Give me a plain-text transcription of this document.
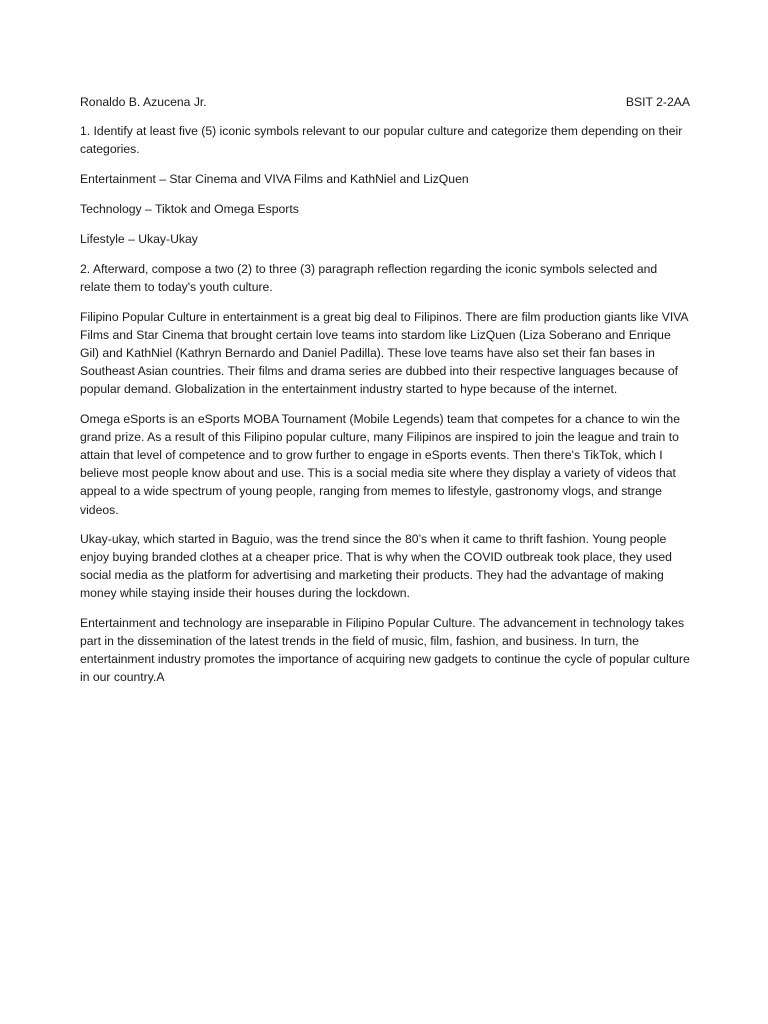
Ronaldo B. Azucena Jr.	BSIT 2-2AA

1. Identify at least five (5) iconic symbols relevant to our popular culture and categorize them depending on their categories.

Entertainment – Star Cinema and VIVA Films and KathNiel and LizQuen

Technology – Tiktok and Omega Esports

Lifestyle – Ukay-Ukay

2. Afterward, compose a two (2) to three (3) paragraph reflection regarding the iconic symbols selected and relate them to today's youth culture.

Filipino Popular Culture in entertainment is a great big deal to Filipinos. There are film production giants like VIVA Films and Star Cinema that brought certain love teams into stardom like LizQuen (Liza Soberano and Enrique Gil) and KathNiel (Kathryn Bernardo and Daniel Padilla). These love teams have also set their fan bases in Southeast Asian countries. Their films and drama series are dubbed into their respective languages because of popular demand. Globalization in the entertainment industry started to hype because of the internet.

Omega eSports is an eSports MOBA Tournament (Mobile Legends) team that competes for a chance to win the grand prize. As a result of this Filipino popular culture, many Filipinos are inspired to join the league and train to attain that level of competence and to grow further to engage in eSports events. Then there's TikTok, which I believe most people know about and use. This is a social media site where they display a variety of videos that appeal to a wide spectrum of young people, ranging from memes to lifestyle, gastronomy vlogs, and strange videos.

Ukay-ukay, which started in Baguio, was the trend since the 80’s when it came to thrift fashion. Young people enjoy buying branded clothes at a cheaper price. That is why when the COVID outbreak took place, they used social media as the platform for advertising and marketing their products. They had the advantage of making money while staying inside their houses during the lockdown.

Entertainment and technology are inseparable in Filipino Popular Culture. The advancement in technology takes part in the dissemination of the latest trends in the field of music, film, fashion, and business. In turn, the entertainment industry promotes the importance of acquiring new gadgets to continue the cycle of popular culture in our country.A
